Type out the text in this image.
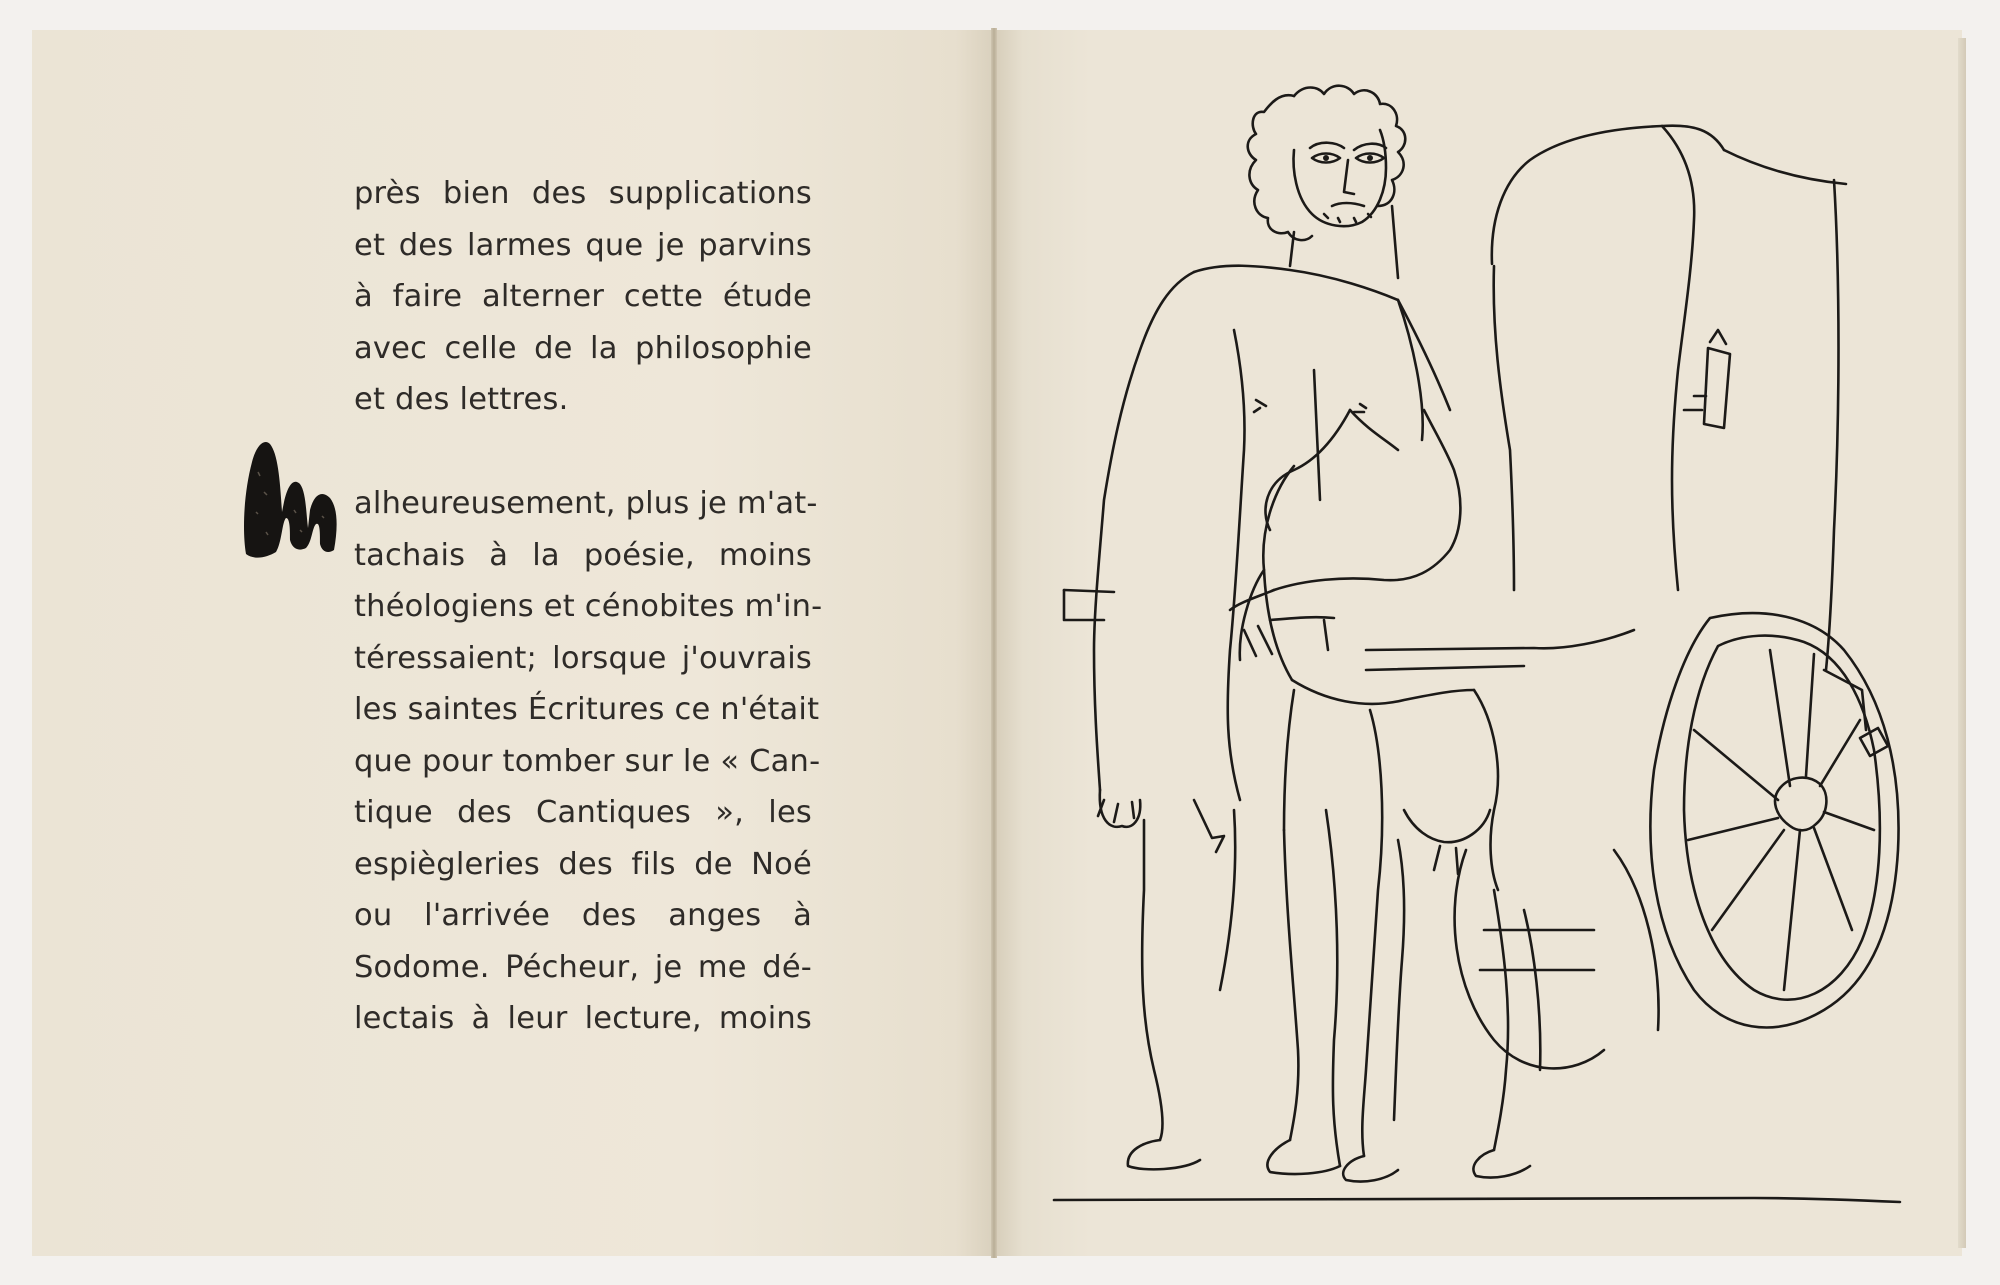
près bien des supplications
et des larmes que je parvins
à faire alterner cette étude
avec celle de la philosophie
et des lettres.
alheureusement, plus je m'at-
tachais à la poésie, moins
théologiens et cénobites m'in-
téressaient; lorsque j'ouvrais
les saintes Écritures ce n'était
que pour tomber sur le « Can-
tique des Cantiques », les
espiègleries des fils de Noé
ou l'arrivée des anges à
Sodome. Pécheur, je me dé-
lectais à leur lecture, moins
